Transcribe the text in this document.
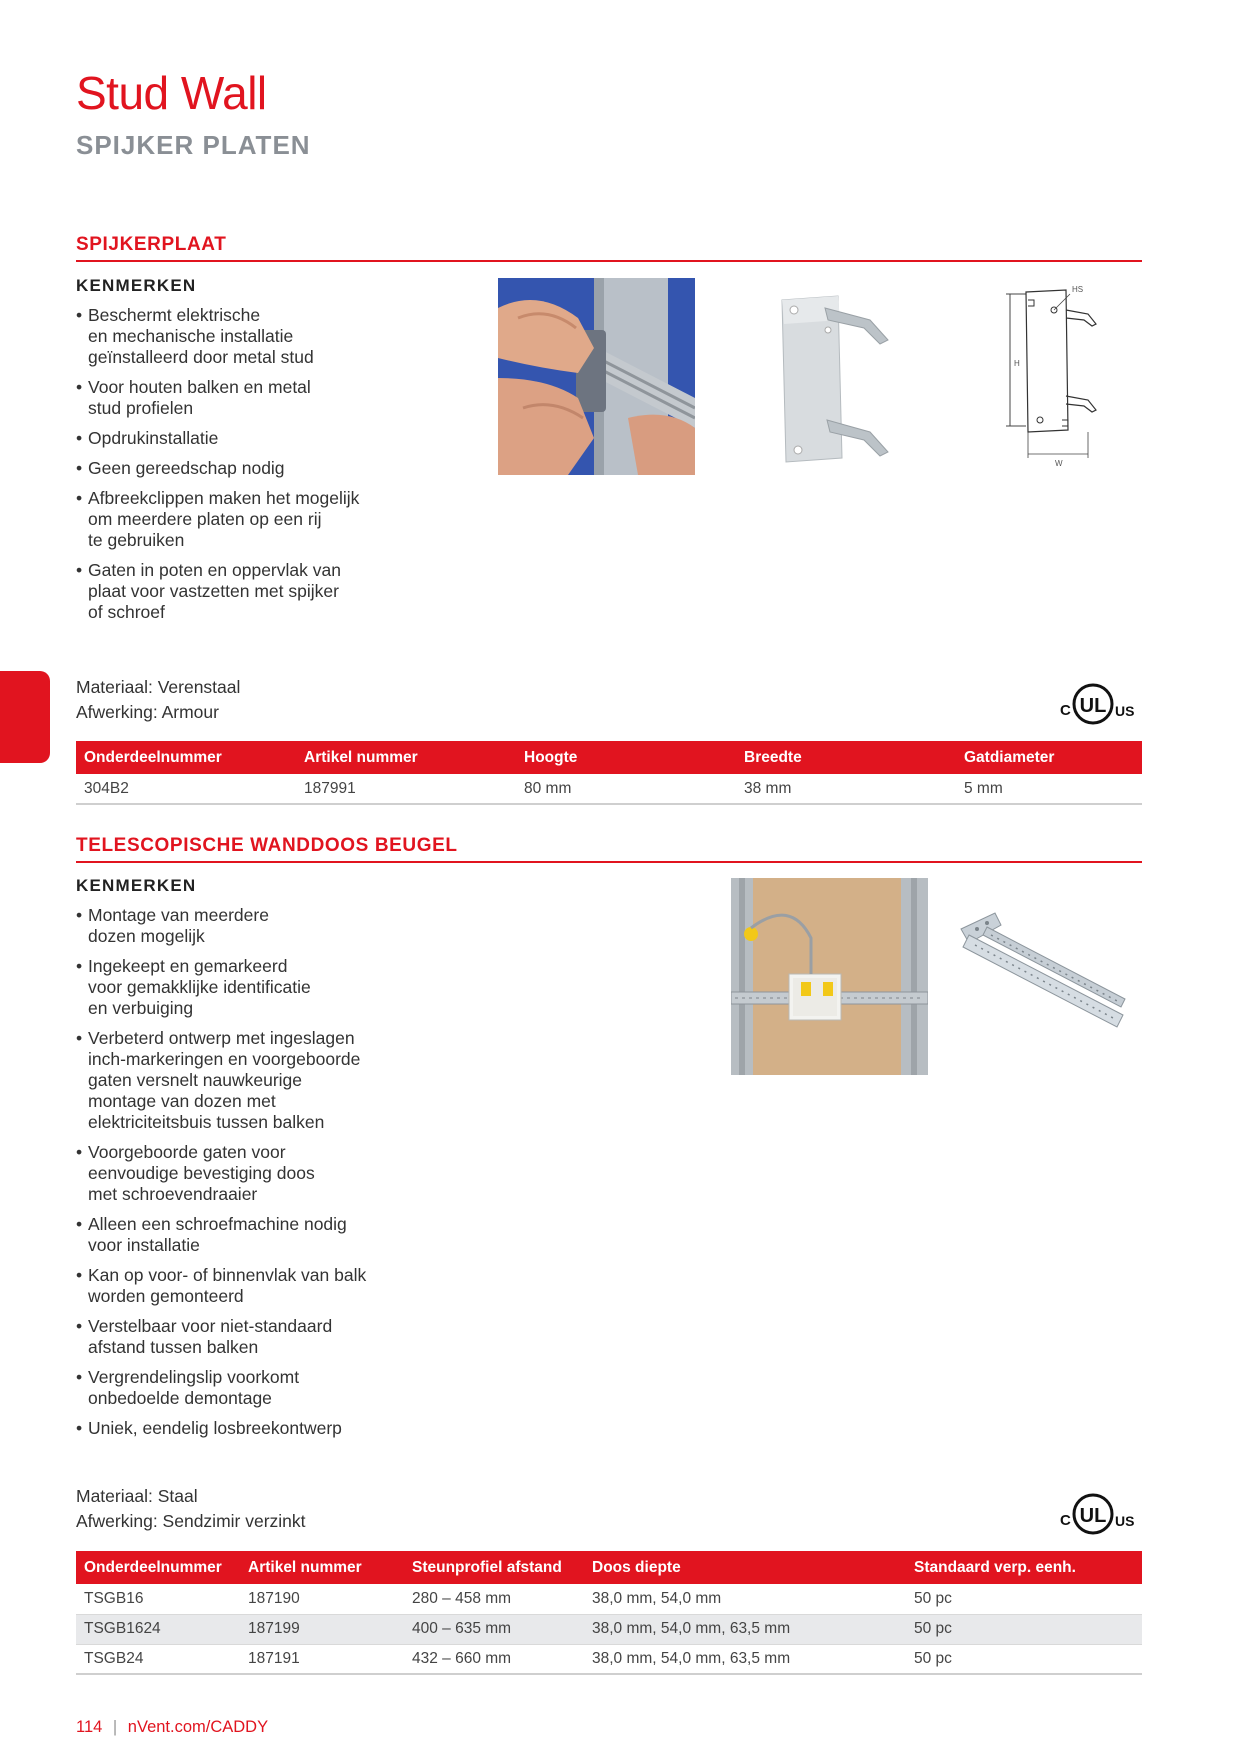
Stud Wall
SPIJKER PLATEN
SPIJKERPLAAT
KENMERKEN
• Beschermt elektrische
en mechanische installatie
geïnstalleerd door metal stud
• Voor houten balken en metal
stud profielen
• Opdrukinstallatie
• Geen gereedschap nodig
• Afbreekclippen maken het mogelijk
om meerdere platen op een rij
te gebruiken
• Gaten in poten en oppervlak van
plaat voor vastzetten met spijker
of schroef
HS
H
W
Materiaal: Verenstaal
Afwerking: Armour	C UL US
Onderdeelnummer	Artikel nummer	Hoogte	Breedte	Gatdiameter
304B2	187991	80 mm	38 mm	5 mm
TELESCOPISCHE WANDDOOS BEUGEL
KENMERKEN
• Montage van meerdere
dozen mogelijk
• Ingekeept en gemarkeerd
voor gemakklijke identificatie
en verbuiging
• Verbeterd ontwerp met ingeslagen
inch-markeringen en voorgeboorde
gaten versnelt nauwkeurige
montage van dozen met
elektriciteitsbuis tussen balken
• Voorgeboorde gaten voor
eenvoudige bevestiging doos
met schroevendraaier
• Alleen een schroefmachine nodig
voor installatie
• Kan op voor- of binnenvlak van balk
worden gemonteerd
• Verstelbaar voor niet-standaard
afstand tussen balken
• Vergrendelingslip voorkomt
onbedoelde demontage
• Uniek, eendelig losbreekontwerp
Materiaal: Staal
Afwerking: Sendzimir verzinkt	C UL US
Onderdeelnummer	Artikel nummer	Steunprofiel afstand	Doos diepte	Standaard verp. eenh.
TSGB16	187190	280 – 458 mm	38,0 mm, 54,0 mm	50 pc
TSGB1624	187199	400 – 635 mm	38,0 mm, 54,0 mm, 63,5 mm	50 pc
TSGB24	187191	432 – 660 mm	38,0 mm, 54,0 mm, 63,5 mm	50 pc
114 | nVent.com/CADDY
